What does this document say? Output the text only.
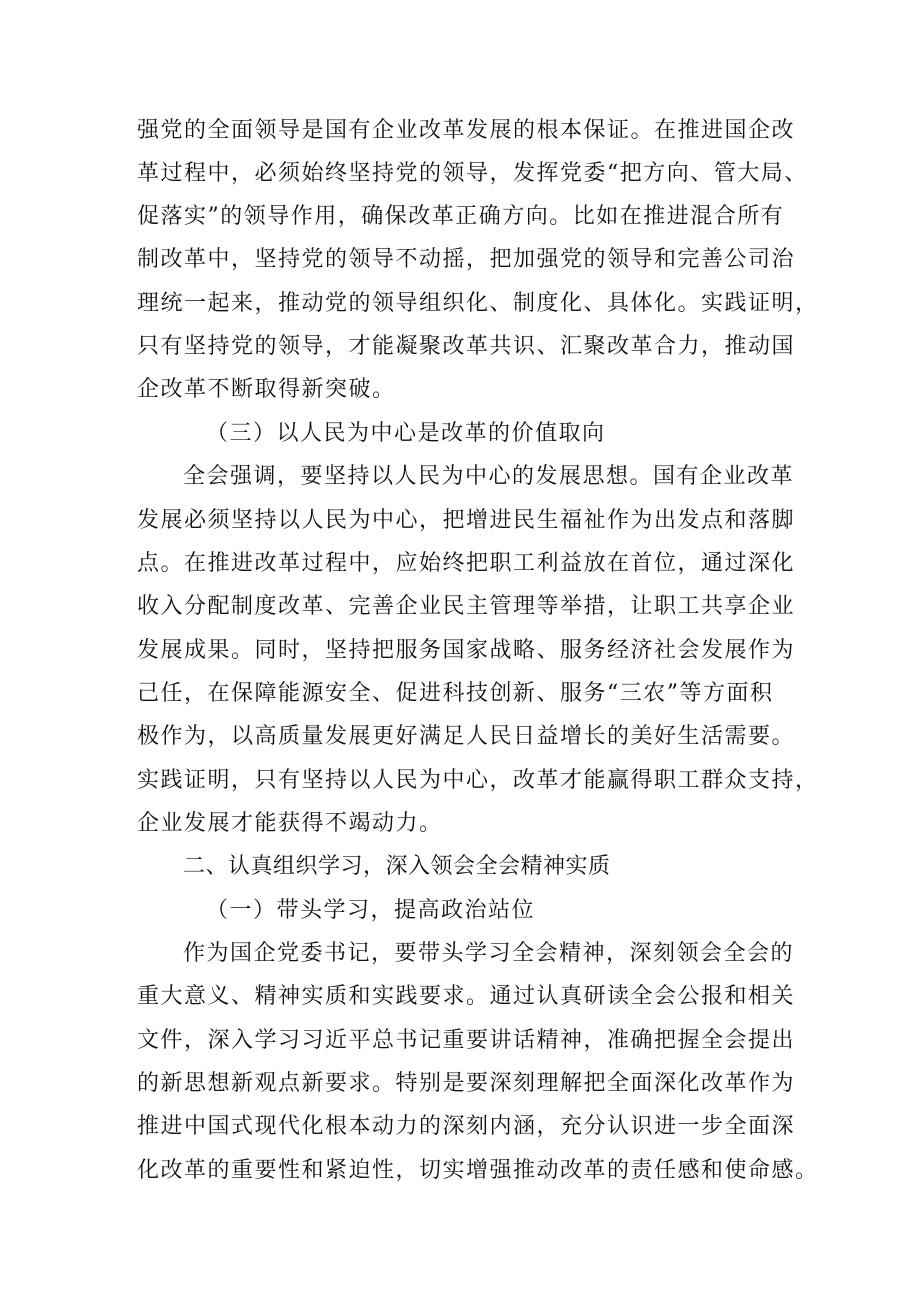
强党的全面领导是国有企业改革发展的根本保证。在推进国企改
革过程中，必须始终坚持党的领导，发挥党委“把方向、管大局、
促落实”的领导作用，确保改革正确方向。比如在推进混合所有
制改革中，坚持党的领导不动摇，把加强党的领导和完善公司治
理统一起来，推动党的领导组织化、制度化、具体化。实践证明，
只有坚持党的领导，才能凝聚改革共识、汇聚改革合力，推动国
企改革不断取得新突破。
（三）以人民为中心是改革的价值取向
全会强调，要坚持以人民为中心的发展思想。国有企业改革
发展必须坚持以人民为中心，把增进民生福祉作为出发点和落脚
点。在推进改革过程中，应始终把职工利益放在首位，通过深化
收入分配制度改革、完善企业民主管理等举措，让职工共享企业
发展成果。同时，坚持把服务国家战略、服务经济社会发展作为
己任，在保障能源安全、促进科技创新、服务“三农”等方面积
极作为，以高质量发展更好满足人民日益增长的美好生活需要。
实践证明，只有坚持以人民为中心，改革才能赢得职工群众支持，
企业发展才能获得不竭动力。
二、认真组织学习，深入领会全会精神实质
（一）带头学习，提高政治站位
作为国企党委书记，要带头学习全会精神，深刻领会全会的
重大意义、精神实质和实践要求。通过认真研读全会公报和相关
文件，深入学习习近平总书记重要讲话精神，准确把握全会提出
的新思想新观点新要求。特别是要深刻理解把全面深化改革作为
推进中国式现代化根本动力的深刻内涵，充分认识进一步全面深
化改革的重要性和紧迫性，切实增强推动改革的责任感和使命感。
